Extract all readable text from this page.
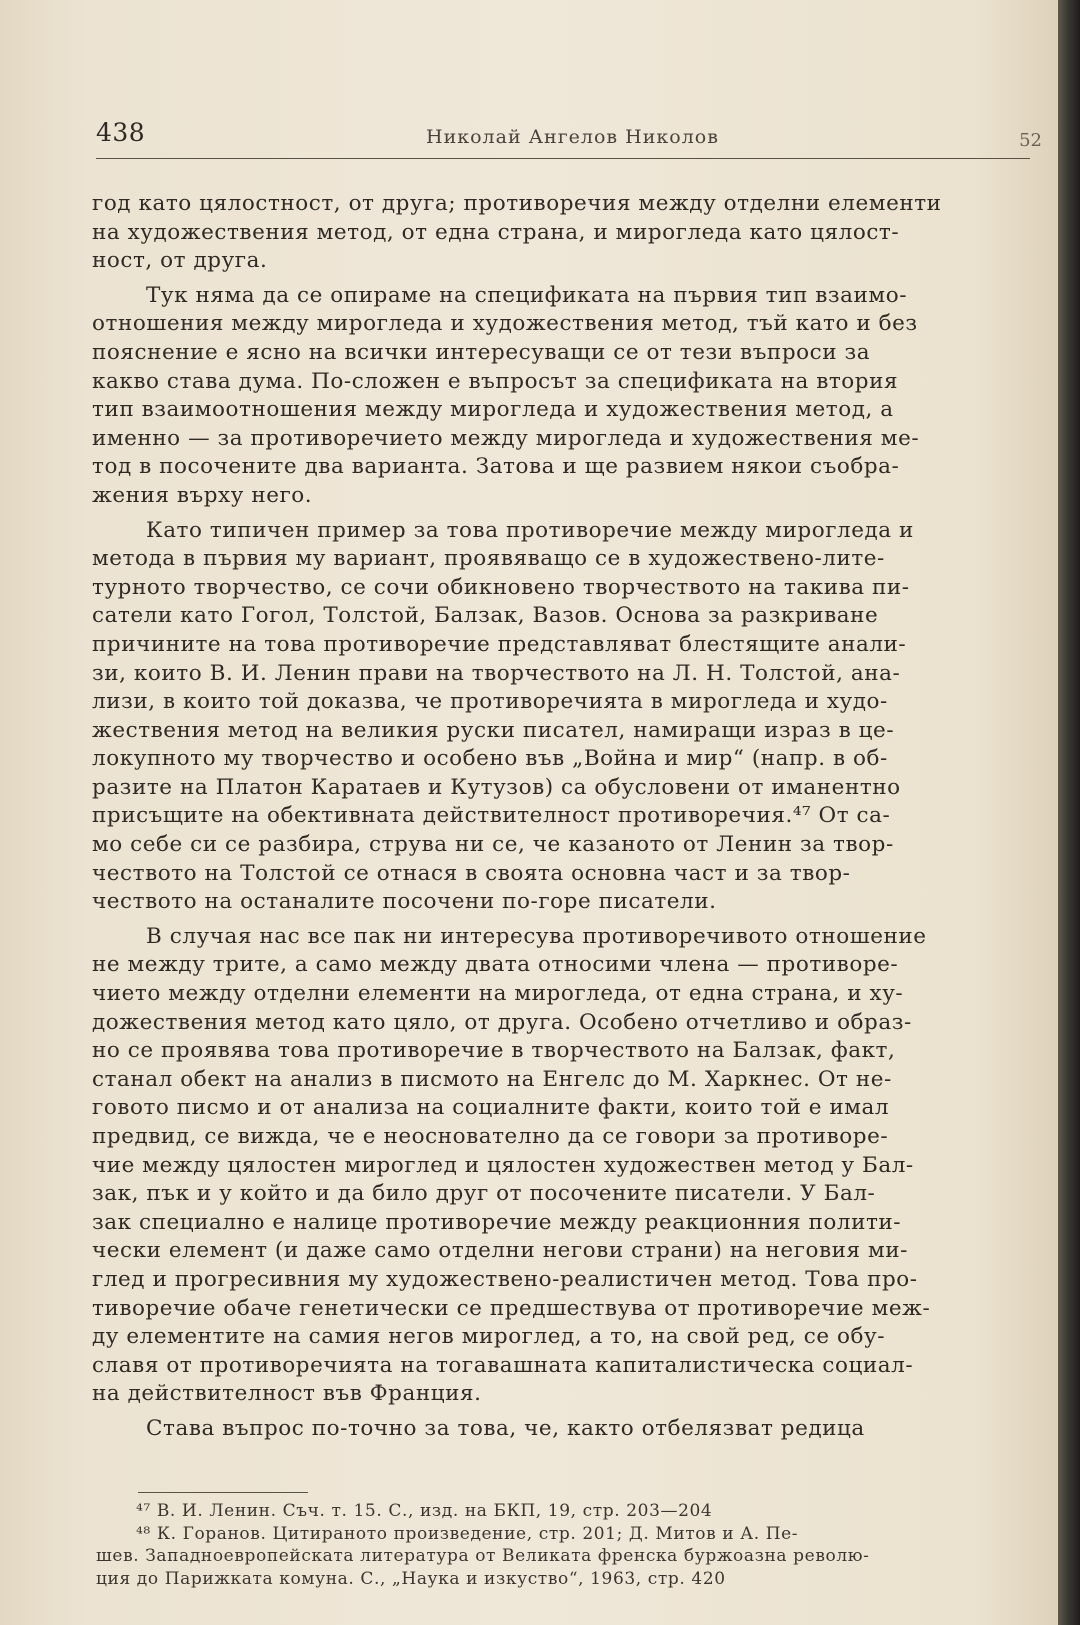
438	Николай Ангелов Николов	52
год като цялостност, от друга; противоречия между отделни елементи
на художествения метод, от една страна, и мирогледа като цялост-
ност, от друга.
Тук няма да се опираме на спецификата на първия тип взаимо-
отношения между мирогледа и художествения метод, тъй като и без
пояснение е ясно на всички интересуващи се от тези въпроси за
какво става дума. По-сложен е въпросът за спецификата на втория
тип взаимоотношения между мирогледа и художествения метод, а
именно — за противоречието между мирогледа и художествения ме-
тод в посочените два варианта. Затова и ще развием някои съобра-
жения върху него.
Като типичен пример за това противоречие между мирогледа и
метода в първия му вариант, проявяващо се в художествено-лите-
турното творчество, се сочи обикновено творчеството на такива пи-
сатели като Гогол, Толстой, Балзак, Вазов. Основа за разкриване
причините на това противоречие представляват блестящите анали-
зи, които В. И. Ленин прави на творчеството на Л. Н. Толстой, ана-
лизи, в които той доказва, че противоречията в мирогледа и худо-
жествения метод на великия руски писател, намиращи израз в це-
локупното му творчество и особено във „Война и мир“ (напр. в об-
разите на Платон Каратаев и Кутузов) са обусловени от иманентно
присъщите на обективната действителност противоречия.⁴⁷ От са-
мо себе си се разбира, струва ни се, че казаното от Ленин за твор-
чеството на Толстой се отнася в своята основна част и за твор-
чеството на останалите посочени по-горе писатели.
В случая нас все пак ни интересува противоречивото отношение
не между трите, а само между двата относими члена — противоре-
чието между отделни елементи на мирогледа, от една страна, и ху-
дожествения метод като цяло, от друга. Особено отчетливо и образ-
но се проявява това противоречие в творчеството на Балзак, факт,
станал обект на анализ в писмото на Енгелс до М. Харкнес. От не-
говото писмо и от анализа на социалните факти, които той е имал
предвид, се вижда, че е неоснователно да се говори за противоре-
чие между цялостен мироглед и цялостен художествен метод у Бал-
зак, пък и у който и да било друг от посочените писатели. У Бал-
зак специално е налице противоречие между реакционния полити-
чески елемент (и даже само отделни негови страни) на неговия ми-
глед и прогресивния му художествено-реалистичен метод. Това про-
тиворечие обаче генетически се предшествува от противоречие меж-
ду елементите на самия негов мироглед, а то, на свой ред, се обу-
славя от противоречията на тогавашната капиталистическа социал-
на действителност във Франция.
Става въпрос по-точно за това, че, както отбелязват редица
⁴⁷ В. И. Ленин. Съч. т. 15. С., изд. на БКП, 19, стр. 203—204
⁴⁸ К. Горанов. Цитираното произведение, стр. 201; Д. Митов и А. Пе-
шев. Западноевропейската литература от Великата френска буржоазна револю-
ция до Парижката комуна. С., „Наука и изкуство“, 1963, стр. 420
